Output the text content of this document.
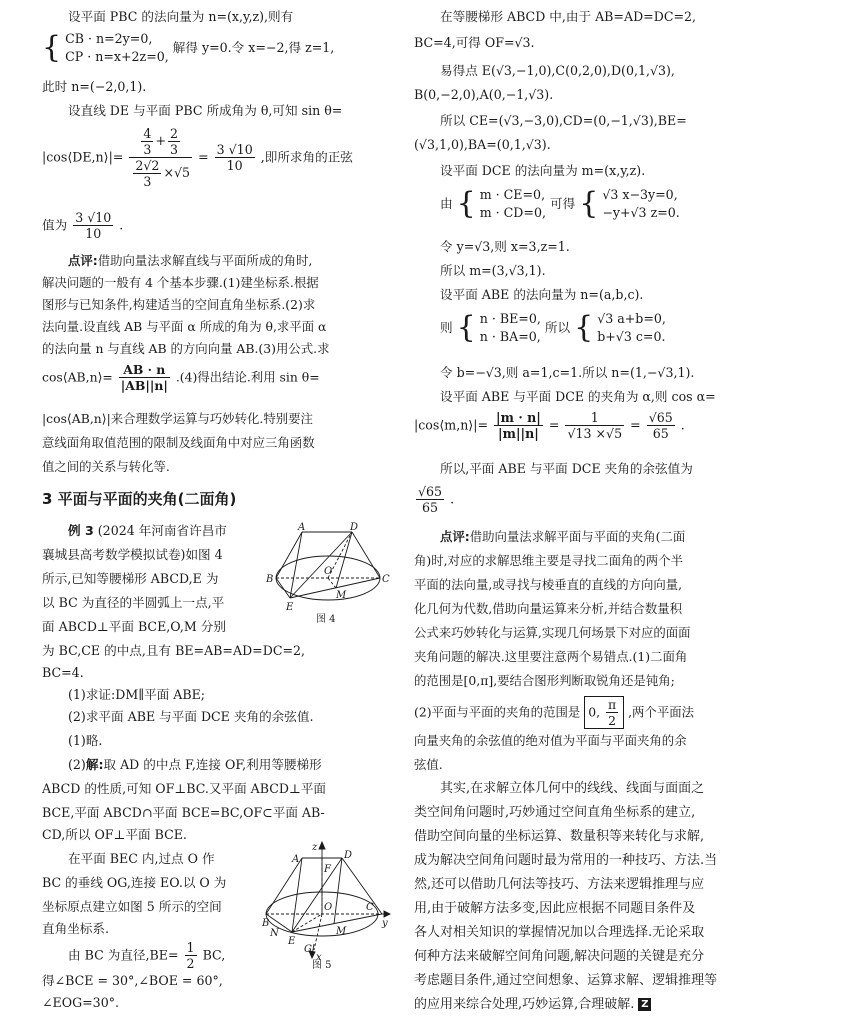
设平面 PBC 的法向量为 n=(x,y,z),则有
{ CB · n=2y=0,
CP · n=x+2z=0,
解得 y=0.令 x=−2,得 z=1,
此时 n=(−2,0,1).
设直线 DE 与平面 PBC 所成角为 θ,可知 sin θ=
|cos⟨DE,n⟩|= $\frac{\frac{4}{3} + \frac{2}{3}}{\frac{2√2}{3} \times√5} = \frac{3 √10}{10}$ ,即所求角的正弦
值为 $\frac{3 √10}{10}$ .
点评:借助向量法求解直线与平面所成的角时,
解决问题的一般有 4 个基本步骤.(1)建坐标系.根据
图形与已知条件,构建适当的空间直角坐标系.(2)求
法向量.设直线 AB 与平面 α 所成的角为 θ,求平面 α
的法向量 n 与直线 AB 的方向向量 AB.(3)用公式.求
cos⟨AB,n⟩= $\frac{AB \cdot n}{|AB||n|} .(4)$得出结论.利用 sin θ=
|cos⟨AB,n⟩|来合理数学运算与巧妙转化.特别要注
意线面角取值范围的限制及线面角中对应三角函数
值之间的关系与转化等.
3 平面与平面的夹角(二面角)
例 3 (2024 年河南省许昌市
襄城县高考数学模拟试卷)如图 4
所示,已知等腰梯形 ABCD,E 为
以 BC 为直径的半圆弧上一点,平
面 ABCD⊥平面 BCE,O,M 分别
为 BC,CE 的中点,且有 BE=AB=AD=DC=2,
BC=4.
(1)求证:DM∥平面 ABE;
(2)求平面 ABE 与平面 DCE 夹角的余弦值.
(1)略.
(2)解:取 AD 的中点 F,连接 OF,利用等腰梯形
ABCD 的性质,可知 OF⊥BC.又平面 ABCD⊥平面
BCE,平面 ABCD∩平面 BCE=BC,OF⊂平面 AB-
CD,所以 OF⊥平面 BCE.
在平面 BEC 内,过点 O 作
BC 的垂线 OG,连接 EO.以 O 为
坐标原点建立如图 5 所示的空间
直角坐标系.
由 BC 为直径$,BE= \frac{1}{2}$ BC,
得∠BCE = 30°,∠BOE = 60°,
∠EOG=30°.
A	D
B
O
C
E
M
图 4
z
A	D
F
O	C
y
B
N	M
E
G
x
图 5
在等腰梯形 ABCD 中,由于 AB=AD=DC=2,
BC=4,可得 OF=√3.
易得点 E(√3,−1,0),C(0,2,0),D(0,1,√3),
B(0,−2,0),A(0,−1,√3).
所以 CE=(√3,−3,0),CD=(0,−1,√3),BE=
(√3,1,0),BA=(0,1,√3).
设平面 DCE 的法向量为 m=(x,y,z).
由 { m · CE=0,
m · CD=0,
可得 { √3 x−3y=0,
−y+√3 z=0.
令 y=√3,则 x=3,z=1.
所以 m=(3,√3,1).
设平面 ABE 的法向量为 n=(a,b,c).
则 { n · BE=0,
n · BA=0,
所以 { √3 a+b=0,
b+√3 c=0.
令 b=−√3,则 a=1,c=1.所以 n=(1,−√3,1).
设平面 ABE 与平面 DCE 的夹角为 α,则 cos α=
|cos⟨m,n⟩|= $\frac{|m \cdot n|}{|m||n|} = \frac{1}{√13 \times√5} = \frac{√65}{65}$ .
所以,平面 ABE 与平面 DCE 夹角的余弦值为
$\frac{√65}{65}$ .
点评:借助向量法求解平面与平面的夹角(二面
角)时,对应的求解思维主要是寻找二面角的两个半
平面的法向量,或寻找与棱垂直的直线的方向向量,
化几何为代数,借助向量运算来分析,并结合数量积
公式来巧妙转化与运算,实现几何场景下对应的面面
夹角问题的解决.这里要注意两个易错点.(1)二面角
的范围是[0,π],要结合图形判断取锐角还是钝角;
(2)平面与平面的夹角的范围是 0, $\frac{\pi}{2}$ ,两个平面法
向量夹角的余弦值的绝对值为平面与平面夹角的余
弦值.
其实,在求解立体几何中的线线、线面与面面之
类空间角问题时,巧妙通过空间直角坐标系的建立,
借助空间向量的坐标运算、数量积等来转化与求解,
成为解决空间角问题时最为常用的一种技巧、方法.当
然,还可以借助几何法等技巧、方法来逻辑推理与应
用,由于破解方法多变,因此应根据不同题目条件及
各人对相关知识的掌握情况加以合理选择.无论采取
何种方法来破解空间角问题,解决问题的关键是充分
考虑题目条件,通过空间想象、运算求解、逻辑推理等
的应用来综合处理,巧妙运算,合理破解. Z
